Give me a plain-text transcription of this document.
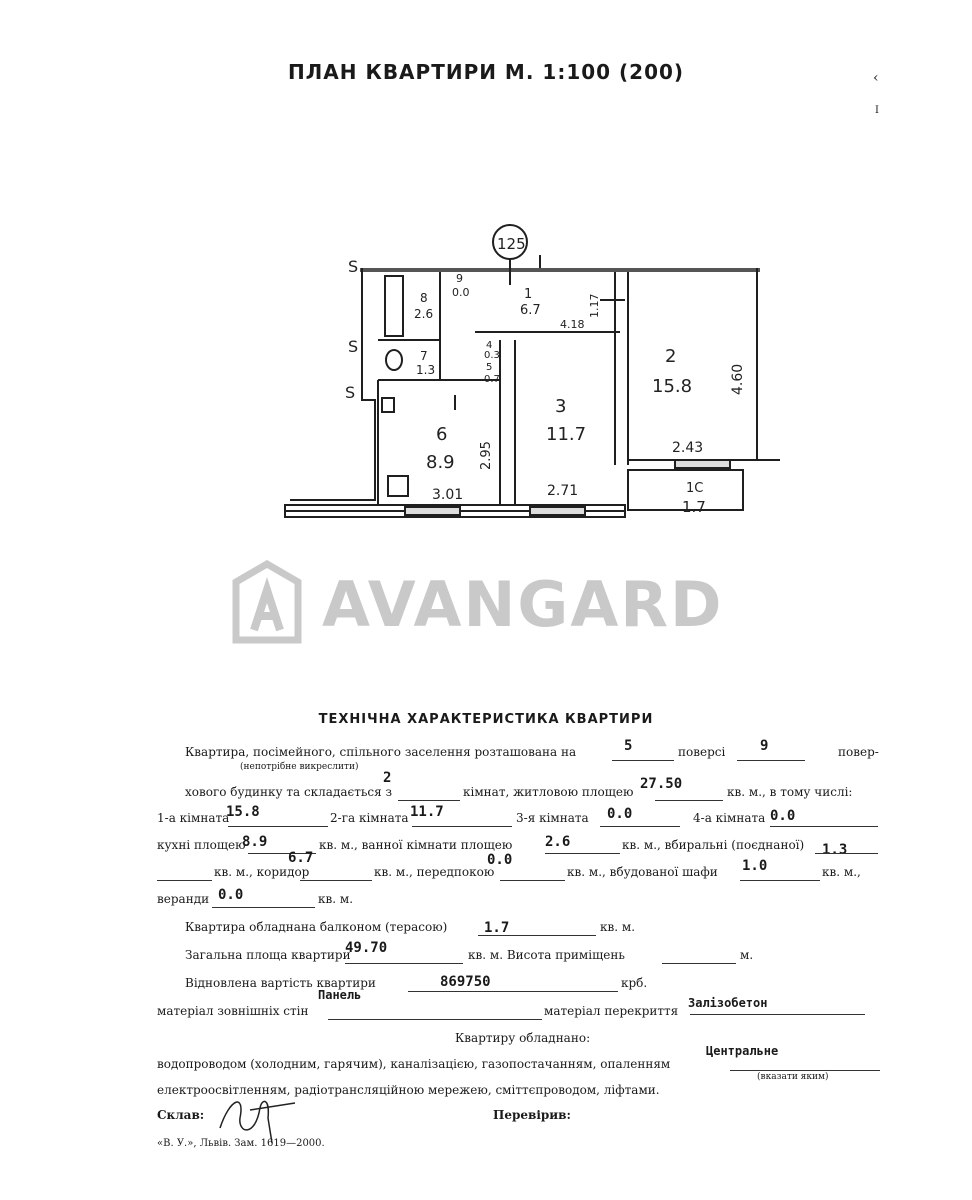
ПЛАН КВАРТИРИ М. 1:100 (200)	‹
I
S
S
S
125
1
6.7
2
15.8
3
11.7
6
8.9
7
1.3
8
2.6
9
0.0
4
0.3
5
0.7
1С
1.7
4.18
1.17
4.60
2.43
2.95
3.01	2.71
AVANGARD
ТЕХНІЧНА ХАРАКТЕРИСТИКА КВАРТИРИ
Квартира, посімейного, спільного заселення розташована на	5	поверсі 9	повер-
(непотрібне викреслити)
хового будинку та складається з
2
кімнат, житловою площею 27.50	кв. м., в тому числі:
1-а кімната
15.8	2-га кімната 11.7	3-я кімната 0.0	4-а кімната 0.0
кухні площею
8.9	кв. м., ванної кімнати площею 2.6	кв. м., вбиральні (поєднаної) 1.3
кв. м., коридор
6.7
кв. м., передпокою
0.0
кв. м., вбудованої шафи 1.0	кв. м.,
веранди 0.0	кв. м.
Квартира обладнана балконом (терасою)	1.7	кв. м.
Загальна площа квартири
49.70	кв. м. Висота приміщень	м.
Відновлена вартість квартири	869750	крб.
матеріал зовнішніх стін
Панель
матеріал перекриття
Залізобетон
Квартиру обладнано:
водопроводом (холодним, гарячим), каналізацією, газопостачанням, опаленням
Центральне
електроосвітленням, радіотрансляційною мережею, сміттєпроводом, ліфтами.
(вказати яким)
Склав:	Перевірив:
«В. У.», Львів. Зам. 1619—2000.
